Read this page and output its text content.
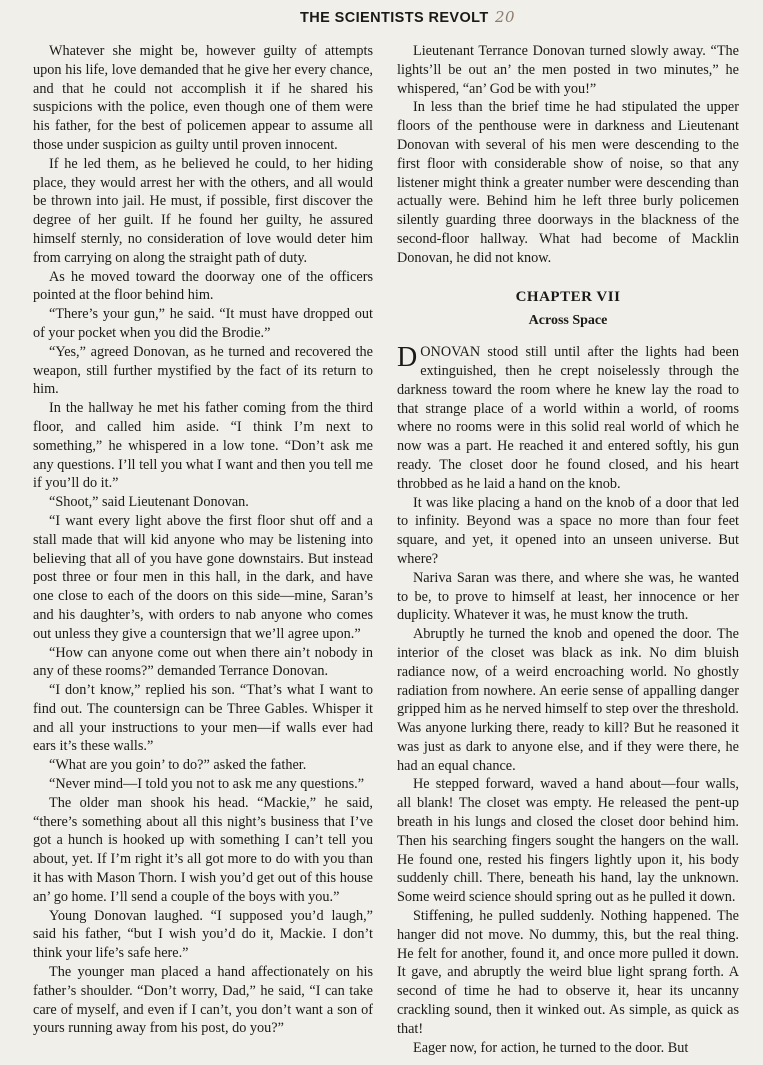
THE SCIENTISTS REVOLT 20

Whatever she might be, however guilty of attempts upon his life, love demanded that he give her every chance, and that he could not accomplish it if he shared his suspicions with the police, even though one of them were his father, for the best of policemen appear to assume all those under suspicion as guilty until proven innocent.

If he led them, as he believed he could, to her hiding place, they would arrest her with the others, and all would be thrown into jail. He must, if possible, first discover the degree of her guilt. If he found her guilty, he assured himself sternly, no consideration of love would deter him from carrying on along the straight path of duty.

As he moved toward the doorway one of the officers pointed at the floor behind him.

“There’s your gun,” he said. “It must have dropped out of your pocket when you did the Brodie.”

“Yes,” agreed Donovan, as he turned and recovered the weapon, still further mystified by the fact of its return to him.

In the hallway he met his father coming from the third floor, and called him aside. “I think I’m next to something,” he whispered in a low tone. “Don’t ask me any questions. I’ll tell you what I want and then you tell me if you’ll do it.”

“Shoot,” said Lieutenant Donovan.

“I want every light above the first floor shut off and a stall made that will kid anyone who may be listening into believing that all of you have gone downstairs. But instead post three or four men in this hall, in the dark, and have one close to each of the doors on this side—mine, Saran’s and his daughter’s, with orders to nab anyone who comes out unless they give a countersign that we’ll agree upon.”

“How can anyone come out when there ain’t nobody in any of these rooms?” demanded Terrance Donovan.

“I don’t know,” replied his son. “That’s what I want to find out. The countersign can be Three Gables. Whisper it and all your instructions to your men—if walls ever had ears it’s these walls.”

“What are you goin’ to do?” asked the father.

“Never mind—I told you not to ask me any questions.”

The older man shook his head. “Mackie,” he said, “there’s something about all this night’s business that I’ve got a hunch is hooked up with something I can’t tell you about, yet. If I’m right it’s all got more to do with you than it has with Mason Thorn. I wish you’d get out of this house an’ go home. I’ll send a couple of the boys with you.”

Young Donovan laughed. “I supposed you’d laugh,” said his father, “but I wish you’d do it, Mackie. I don’t think your life’s safe here.”

The younger man placed a hand affectionately on his father’s shoulder. “Don’t worry, Dad,” he said, “I can take care of myself, and even if I can’t, you don’t want a son of yours running away from his post, do you?”

Lieutenant Terrance Donovan turned slowly away. “The lights’ll be out an’ the men posted in two minutes,” he whispered, “an’ God be with you!”

In less than the brief time he had stipulated the upper floors of the penthouse were in darkness and Lieutenant Donovan with several of his men were descending to the first floor with considerable show of noise, so that any listener might think a greater number were descending than actually were. Behind him he left three burly policemen silently guarding three doorways in the blackness of the second-floor hallway. What had become of Macklin Donovan, he did not know.

CHAPTER VII
Across Space

DONOVAN stood still until after the lights had been extinguished, then he crept noiselessly through the darkness toward the room where he knew lay the road to that strange place of a world within a world, of rooms where no rooms were in this solid real world of which he now was a part. He reached it and entered softly, his gun ready. The closet door he found closed, and his heart throbbed as he laid a hand on the knob.

It was like placing a hand on the knob of a door that led to infinity. Beyond was a space no more than four feet square, and yet, it opened into an unseen universe. But where?

Nariva Saran was there, and where she was, he wanted to be, to prove to himself at least, her innocence or her duplicity. Whatever it was, he must know the truth.

Abruptly he turned the knob and opened the door. The interior of the closet was black as ink. No dim bluish radiance now, of a weird encroaching world. No ghostly radiation from nowhere. An eerie sense of appalling danger gripped him as he nerved himself to step over the threshold. Was anyone lurking there, ready to kill? But he reasoned it was just as dark to anyone else, and if they were there, he had an equal chance.

He stepped forward, waved a hand about—four walls, all blank! The closet was empty. He released the pent-up breath in his lungs and closed the closet door behind him. Then his searching fingers sought the hangers on the wall. He found one, rested his fingers lightly upon it, his body suddenly chill. There, beneath his hand, lay the unknown. Some weird science should spring out as he pulled it down.

Stiffening, he pulled suddenly. Nothing happened. The hanger did not move. No dummy, this, but the real thing. He felt for another, found it, and once more pulled it down. It gave, and abruptly the weird blue light sprang forth. A second of time he had to observe it, hear its uncanny crackling sound, then it winked out. As simple, as quick as that!

Eager now, for action, he turned to the door. But
